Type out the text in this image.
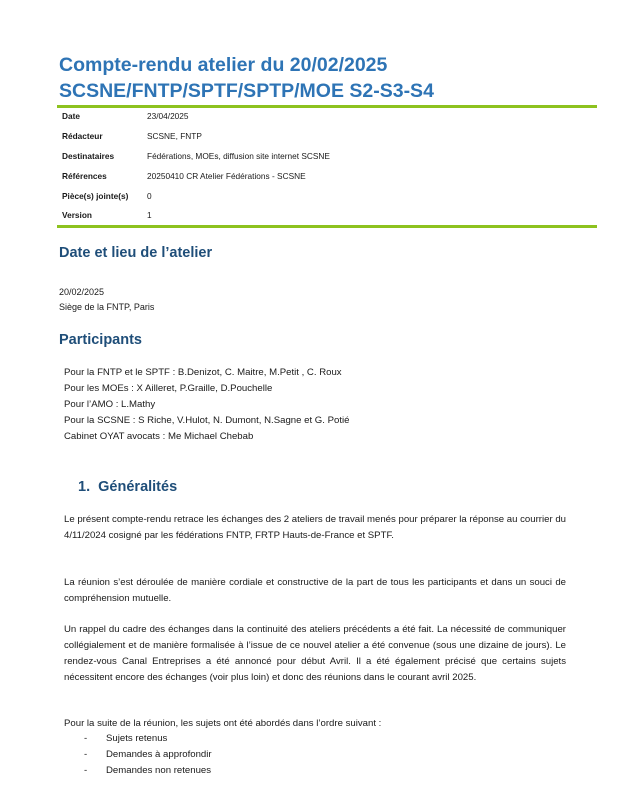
Compte-rendu atelier du 20/02/2025
SCSNE/FNTP/SPTF/SPTP/MOE S2-S3-S4
Date	23/04/2025
Rédacteur	SCSNE, FNTP
Destinataires	Fédérations, MOEs, diffusion site internet SCSNE
Références	20250410 CR Atelier Fédérations - SCSNE
Pièce(s) jointe(s) 0
Version	1
Date et lieu de l’atelier
20/02/2025
Siège de la FNTP, Paris
Participants
Pour la FNTP et le SPTF : B.Denizot, C. Maitre, M.Petit , C. Roux
Pour les MOEs : X Ailleret, P.Graille, D.Pouchelle
Pour l’AMO : L.Mathy
Pour la SCSNE : S Riche, V.Hulot, N. Dumont, N.Sagne et G. Potié
Cabinet OYAT avocats : Me Michael Chebab
1. Généralités
Le présent compte-rendu retrace les échanges des 2 ateliers de travail menés pour préparer la réponse au courrier du 4/11/2024 cosigné par les fédérations FNTP, FRTP Hauts-de-France et SPTF.
La réunion s’est déroulée de manière cordiale et constructive de la part de tous les participants et dans un souci de compréhension mutuelle.
Un rappel du cadre des échanges dans la continuité des ateliers précédents a été fait. La nécessité de communiquer collégialement et de manière formalisée à l’issue de ce nouvel atelier a été convenue (sous une dizaine de jours). Le rendez-vous Canal Entreprises a été annoncé pour début Avril. Il a été également précisé que certains sujets nécessitent encore des échanges (voir plus loin) et donc des réunions dans le courant avril 2025.
Pour la suite de la réunion, les sujets ont été abordés dans l’ordre suivant :
- Sujets retenus
- Demandes à approfondir
- Demandes non retenues
